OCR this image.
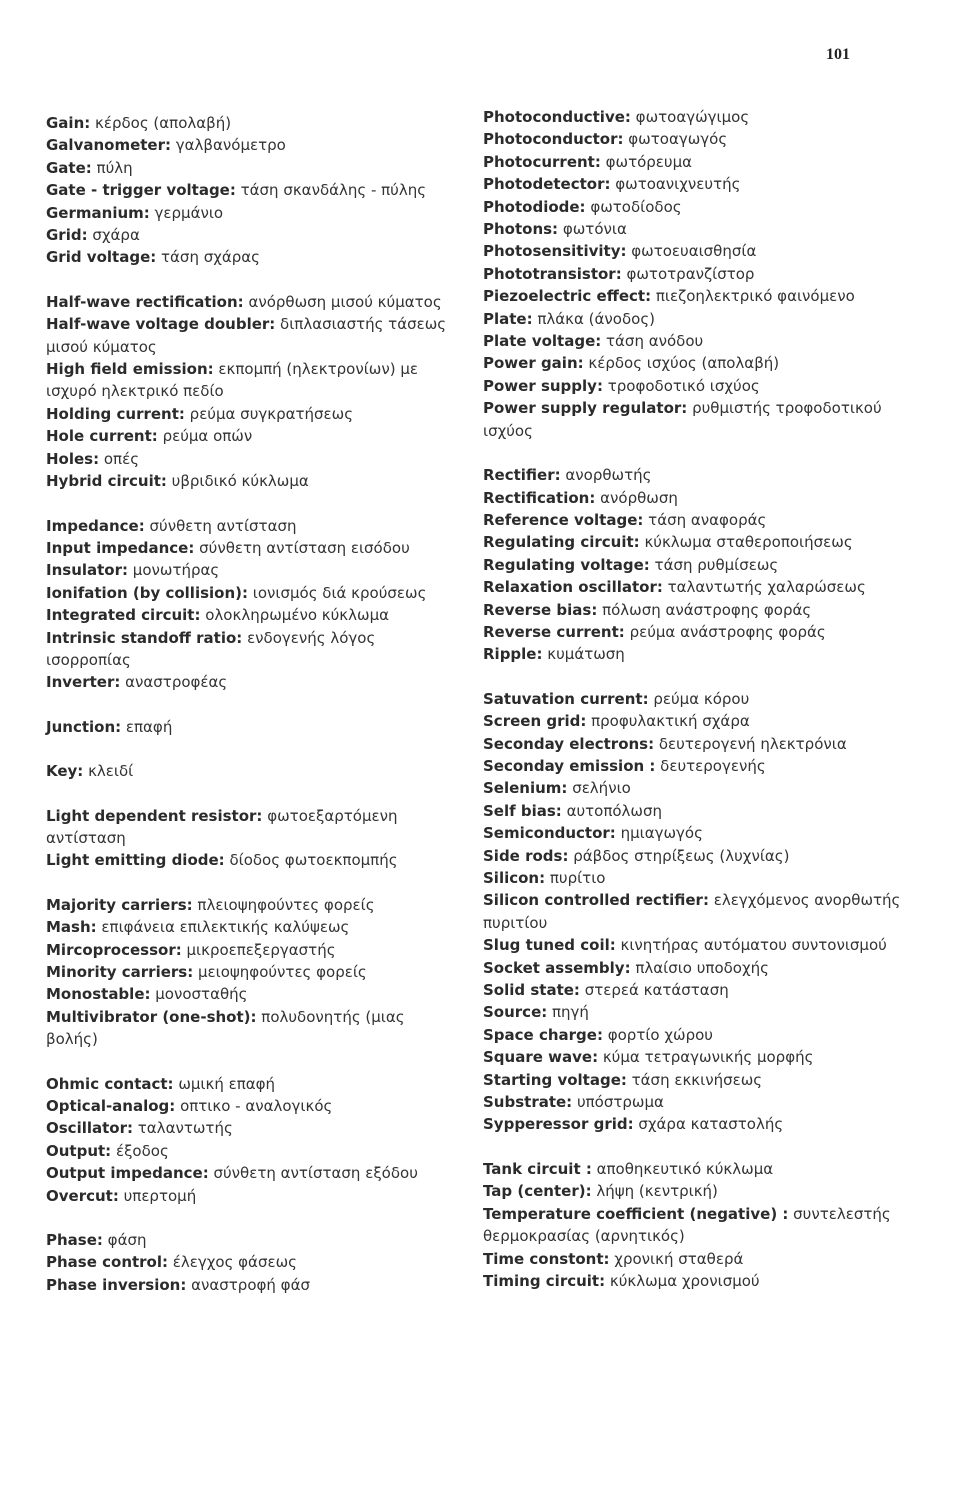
101

Gain: κέρδος (απολαβή)

Galvanometer: γαλβανόμετρο

Gate: πύλη

Gate - trigger voltage: τάση σκανδάλης - πύλης

Germanium: γερμάνιο

Grid: σχάρα

Grid voltage: τάση σχάρας

Half-wave rectification: ανόρθωση μισού κύματος

Half-wave voltage doubler: διπλασιαστής τάσεως μισού κύματος

High field emission: εκπομπή (ηλεκτρονίων) με ισχυρό ηλεκτρικό πεδίο

Holding current: ρεύμα συγκρατήσεως

Hole current: ρεύμα οπών

Holes: οπές

Hybrid circuit: υβριδικό κύκλωμα

Impedance: σύνθετη αντίσταση

Input impedance: σύνθετη αντίσταση εισόδου

Insulator: μονωτήρας

Ionifation (by collision): ιονισμός διά κρούσεως

Integrated circuit: ολοκληρωμένο κύκλωμα

Intrinsic standoff ratio: ενδογενής λόγος ισορροπίας

Inverter: αναστροφέας

Junction: επαφή

Key: κλειδί

Light dependent resistor: φωτοεξαρτόμενη αντίσταση

Light emitting diode: δίοδος φωτοεκπομπής

Majority carriers: πλειοψηφούντες φορείς

Mash: επιφάνεια επιλεκτικής καλύψεως

Mircoprocessor: μικροεπεξεργαστής

Minority carriers: μειοψηφούντες φορείς

Monostable: μονοσταθής

Multivibrator (one-shot): πολυδονητής (μιας βολής)

Ohmic contact: ωμική επαφή

Optical-analog: οπτικο - αναλογικός

Oscillator: ταλαντωτής

Output: έξοδος

Output impedance: σύνθετη αντίσταση εξόδου

Overcut: υπερτομή

Phase: φάση

Phase control: έλεγχος φάσεως

Phase inversion: αναστροφή φάσ

Photoconductive: φωτοαγώγιμος

Photoconductor: φωτοαγωγός

Photocurrent: φωτόρευμα

Photodetector: φωτοανιχνευτής

Photodiode: φωτοδίοδος

Photons: φωτόνια

Photosensitivity: φωτοευαισθησία

Phototransistor: φωτοτρανζίστορ

Piezoelectric effect: πιεζοηλεκτρικό φαινόμενο

Plate: πλάκα (άνοδος)

Plate voltage: τάση ανόδου

Power gain: κέρδος ισχύος (απολαβή)

Power supply: τροφοδοτικό ισχύος

Power supply regulator: ρυθμιστής τροφοδοτικού ισχύος

Rectifier: ανορθωτής

Rectification: ανόρθωση

Reference voltage: τάση αναφοράς

Regulating circuit: κύκλωμα σταθεροποιήσεως

Regulating voltage: τάση ρυθμίσεως

Relaxation oscillator: ταλαντωτής χαλαρώσεως

Reverse bias: πόλωση ανάστροφης φοράς

Reverse current: ρεύμα ανάστροφης φοράς

Ripple: κυμάτωση

Satuvation current: ρεύμα κόρου

Screen grid: προφυλακτική σχάρα

Seconday electrons: δευτερογενή ηλεκτρόνια

Seconday emission : δευτερογενής

Selenium: σελήνιο

Self bias: αυτοπόλωση

Semiconductor: ημιαγωγός

Side rods: ράβδος στηρίξεως (λυχνίας)

Silicon: πυρίτιο

Silicon controlled rectifier: ελεγχόμενος ανορθωτής πυριτίου

Slug tuned coil: κινητήρας αυτόματου συντονισμού

Socket assembly: πλαίσιο υποδοχής

Solid state: στερεά κατάσταση

Source: πηγή

Space charge: φορτίο χώρου

Square wave: κύμα τετραγωνικής μορφής

Starting voltage: τάση εκκινήσεως

Substrate: υπόστρωμα

Sypperessor grid: σχάρα καταστολής

Tank circuit : αποθηκευτικό κύκλωμα

Tap (center): λήψη (κεντρική)

Temperature coefficient (negative) : συντελεστής θερμοκρασίας (αρνητικός)

Time constont: χρονική σταθερά

Timing circuit: κύκλωμα χρονισμού
